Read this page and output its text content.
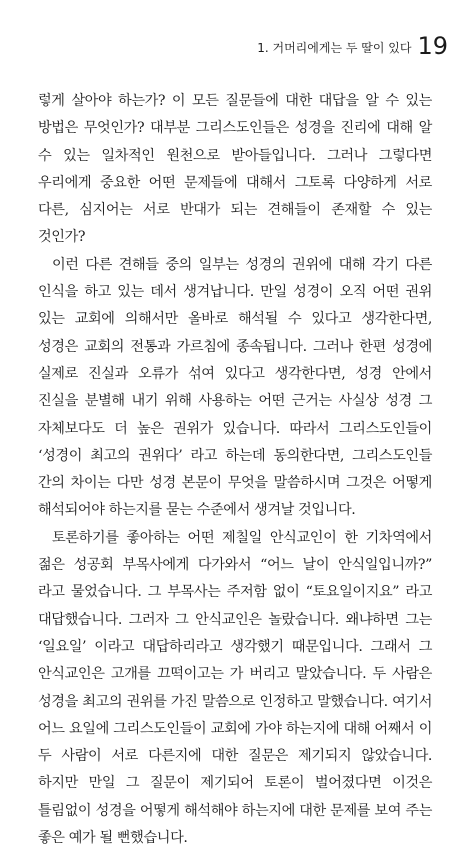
1. 거머리에게는 두 딸이 있다 19

렇게 살아야 하는가? 이 모든 질문들에 대한 대답을 알 수 있는 방법은 무엇인가? 대부분 그리스도인들은 성경을 진리에 대해 알 수 있는 일차적인 원천으로 받아들입니다. 그러나 그렇다면 우리에게 중요한 어떤 문제들에 대해서 그토록 다양하게 서로 다른, 심지어는 서로 반대가 되는 견해들이 존재할 수 있는 것인가?

이런 다른 견해들 중의 일부는 성경의 권위에 대해 각기 다른 인식을 하고 있는 데서 생겨납니다. 만일 성경이 오직 어떤 권위 있는 교회에 의해서만 올바로 해석될 수 있다고 생각한다면, 성경은 교회의 전통과 가르침에 종속됩니다. 그러나 한편 성경에 실제로 진실과 오류가 섞여 있다고 생각한다면, 성경 안에서 진실을 분별해 내기 위해 사용하는 어떤 근거는 사실상 성경 그 자체보다도 더 높은 권위가 있습니다. 따라서 그리스도인들이 ‘성경이 최고의 권위다’ 라고 하는데 동의한다면, 그리스도인들 간의 차이는 다만 성경 본문이 무엇을 말씀하시며 그것은 어떻게 해석되어야 하는지를 묻는 수준에서 생겨날 것입니다.

토론하기를 좋아하는 어떤 제칠일 안식교인이 한 기차역에서 젊은 성공회 부목사에게 다가와서 “어느 날이 안식일입니까?” 라고 물었습니다. 그 부목사는 주저함 없이 “토요일이지요” 라고 대답했습니다. 그러자 그 안식교인은 놀랐습니다. 왜냐하면 그는 ‘일요일’ 이라고 대답하리라고 생각했기 때문입니다. 그래서 그 안식교인은 고개를 끄떡이고는 가 버리고 말았습니다. 두 사람은 성경을 최고의 권위를 가진 말씀으로 인정하고 말했습니다. 여기서 어느 요일에 그리스도인들이 교회에 가야 하는지에 대해 어째서 이 두 사람이 서로 다른지에 대한 질문은 제기되지 않았습니다. 하지만 만일 그 질문이 제기되어 토론이 벌어졌다면 이것은 틀림없이 성경을 어떻게 해석해야 하는지에 대한 문제를 보여 주는 좋은 예가 될 뻔했습니다.
